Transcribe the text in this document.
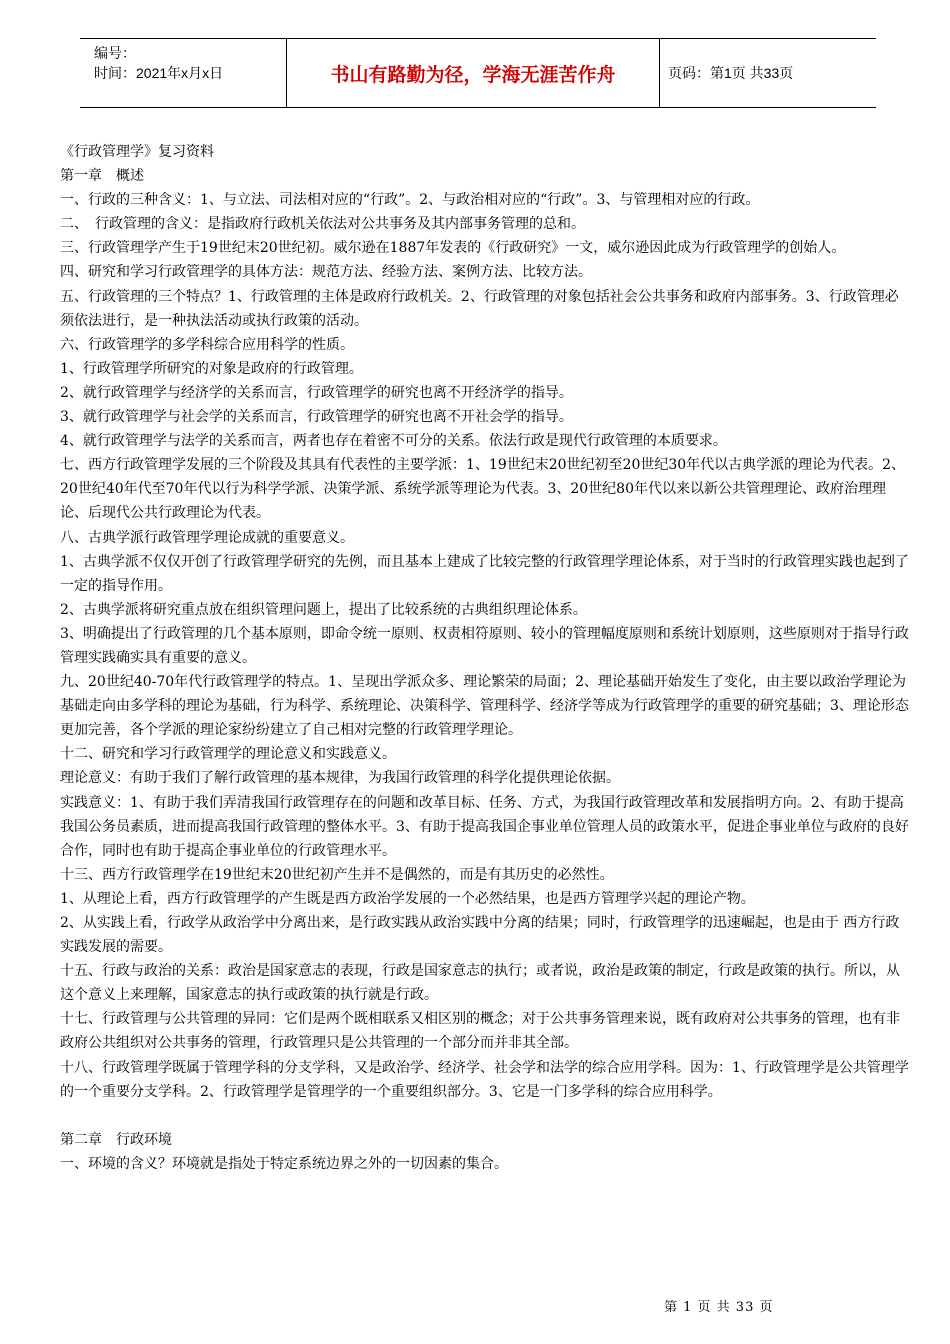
编号：
时间：2021年x月x日	书山有路勤为径，学海无涯苦作舟	页码：第1页 共33页

《行政管理学》复习资料

第一章　概述

一、行政的三种含义：1、与立法、司法相对应的“行政”。2、与政治相对应的“行政”。3、与管理相对应的行政。

二、　行政管理的含义：是指政府行政机关依法对公共事务及其内部事务管理的总和。

三、行政管理学产生于19世纪末20世纪初。威尔逊在1887年发表的《行政研究》一文，威尔逊因此成为行政管理学的创始人。

四、研究和学习行政管理学的具体方法：规范方法、经验方法、案例方法、比较方法。

五、行政管理的三个特点？1、行政管理的主体是政府行政机关。2、行政管理的对象包括社会公共事务和政府内部事务。3、行政管理必须依法进行，是一种执法活动或执行政策的活动。

六、行政管理学的多学科综合应用科学的性质。

1、行政管理学所研究的对象是政府的行政管理。

2、就行政管理学与经济学的关系而言，行政管理学的研究也离不开经济学的指导。

3、就行政管理学与社会学的关系而言，行政管理学的研究也离不开社会学的指导。

4、就行政管理学与法学的关系而言，两者也存在着密不可分的关系。依法行政是现代行政管理的本质要求。

七、西方行政管理学发展的三个阶段及其具有代表性的主要学派：1、19世纪末20世纪初至20世纪30年代以古典学派的理论为代表。2、20世纪40年代至70年代以行为科学学派、决策学派、系统学派等理论为代表。3、20世纪80年代以来以新公共管理理论、政府治理理论、后现代公共行政理论为代表。

八、古典学派行政管理学理论成就的重要意义。

1、古典学派不仅仅开创了行政管理学研究的先例，而且基本上建成了比较完整的行政管理学理论体系，对于当时的行政管理实践也起到了一定的指导作用。

2、古典学派将研究重点放在组织管理问题上，提出了比较系统的古典组织理论体系。

3、明确提出了行政管理的几个基本原则，即命令统一原则、权责相符原则、较小的管理幅度原则和系统计划原则，这些原则对于指导行政管理实践确实具有重要的意义。

九、20世纪40-70年代行政管理学的特点。1、呈现出学派众多、理论繁荣的局面；2、理论基础开始发生了变化，由主要以政治学理论为基础走向由多学科的理论为基础，行为科学、系统理论、决策科学、管理科学、经济学等成为行政管理学的重要的研究基础；3、理论形态更加完善，各个学派的理论家纷纷建立了自己相对完整的行政管理学理论。

十二、研究和学习行政管理学的理论意义和实践意义。

理论意义：有助于我们了解行政管理的基本规律，为我国行政管理的科学化提供理论依据。

实践意义：1、有助于我们弄清我国行政管理存在的问题和改革目标、任务、方式，为我国行政管理改革和发展指明方向。2、有助于提高我国公务员素质，进而提高我国行政管理的整体水平。3、有助于提高我国企事业单位管理人员的政策水平，促进企事业单位与政府的良好合作，同时也有助于提高企事业单位的行政管理水平。

十三、西方行政管理学在19世纪末20世纪初产生并不是偶然的，而是有其历史的必然性。

1、从理论上看，西方行政管理学的产生既是西方政治学发展的一个必然结果，也是西方管理学兴起的理论产物。

2、从实践上看，行政学从政治学中分离出来，是行政实践从政治实践中分离的结果；同时，行政管理学的迅速崛起，也是由于 西方行政实践发展的需要。

十五、行政与政治的关系：政治是国家意志的表现，行政是国家意志的执行；或者说，政治是政策的制定，行政是政策的执行。所以，从这个意义上来理解，国家意志的执行或政策的执行就是行政。

十七、行政管理与公共管理的异同：它们是两个既相联系又相区别的概念；对于公共事务管理来说，既有政府对公共事务的管理，也有非政府公共组织对公共事务的管理，行政管理只是公共管理的一个部分而并非其全部。

十八、行政管理学既属于管理学科的分支学科，又是政治学、经济学、社会学和法学的综合应用学科。因为：1、行政管理学是公共管理学的一个重要分支学科。2、行政管理学是管理学的一个重要组织部分。3、它是一门多学科的综合应用科学。

第二章　行政环境

一、环境的含义？环境就是指处于特定系统边界之外的一切因素的集合。

第 1 页 共 33 页
